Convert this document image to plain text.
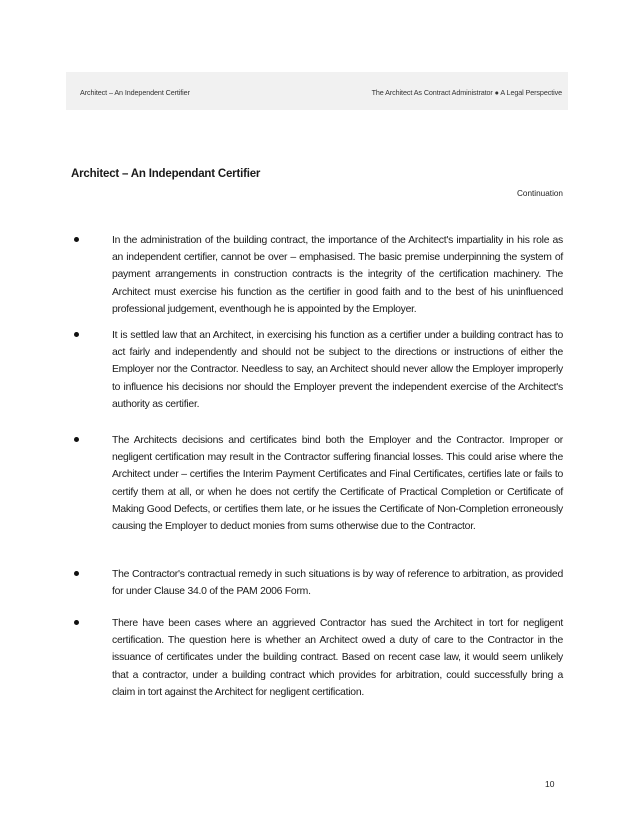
Architect – An Independent Certifier	The Architect As Contract Administrator ● A Legal Perspective
Architect – An Independant Certifier
Continuation
In the administration of the building contract, the importance of the Architect's impartiality in his role as an independent certifier, cannot be over – emphasised. The basic premise underpinning the system of payment arrangements in construction contracts is the integrity of the certification machinery. The Architect must exercise his function as the certifier in good faith and to the best of his uninfluenced professional judgement, eventhough he is appointed by the Employer.
It is settled law that an Architect, in exercising his function as a certifier under a building contract has to act fairly and independently and should not be subject to the directions or instructions of either the Employer nor the Contractor. Needless to say, an Architect should never allow the Employer improperly to influence his decisions nor should the Employer prevent the independent exercise of the Architect's authority as certifier.
The Architects decisions and certificates bind both the Employer and the Contractor. Improper or negligent certification may result in the Contractor suffering financial losses. This could arise where the Architect under – certifies the Interim Payment Certificates and Final Certificates, certifies late or fails to certify them at all, or when he does not certify the Certificate of Practical Completion or Certificate of Making Good Defects, or certifies them late, or he issues the Certificate of Non-Completion erroneously causing the Employer to deduct monies from sums otherwise due to the Contractor.
The Contractor's contractual remedy in such situations is by way of reference to arbitration, as provided for under Clause 34.0 of the PAM 2006 Form.
There have been cases where an aggrieved Contractor has sued the Architect in tort for negligent certification. The question here is whether an Architect owed a duty of care to the Contractor in the issuance of certificates under the building contract. Based on recent case law, it would seem unlikely that a contractor, under a building contract which provides for arbitration, could successfully bring a claim in tort against the Architect for negligent certification.
10
